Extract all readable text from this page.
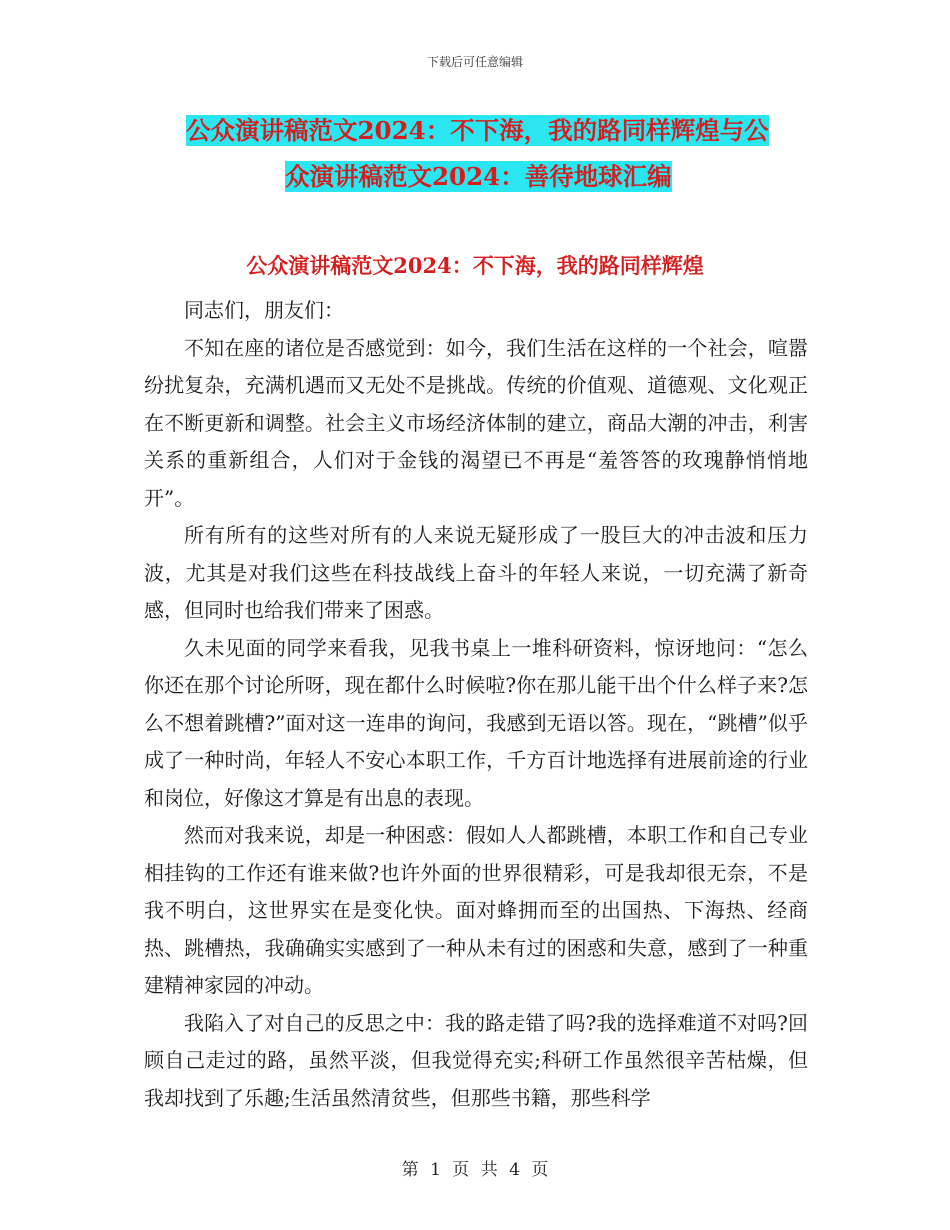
下载后可任意编辑
公众演讲稿范文2024：不下海，我的路同样辉煌与公
众演讲稿范文2024：善待地球汇编
公众演讲稿范文2024：不下海，我的路同样辉煌

同志们，朋友们：

不知在座的诸位是否感觉到：如今，我们生活在这样的一个社会，喧嚣纷扰复杂，充满机遇而又无处不是挑战。传统的价值观、道德观、文化观正在不断更新和调整。社会主义市场经济体制的建立，商品大潮的冲击，利害关系的重新组合，人们对于金钱的渴望已不再是“羞答答的玫瑰静悄悄地开”。

所有所有的这些对所有的人来说无疑形成了一股巨大的冲击波和压力波，尤其是对我们这些在科技战线上奋斗的年轻人来说，一切充满了新奇感，但同时也给我们带来了困惑。

久未见面的同学来看我，见我书桌上一堆科研资料，惊讶地问：“怎么你还在那个讨论所呀，现在都什么时候啦?你在那儿能干出个什么样子来?怎么不想着跳槽?”面对这一连串的询问，我感到无语以答。现在，“跳槽”似乎成了一种时尚，年轻人不安心本职工作，千方百计地选择有进展前途的行业和岗位，好像这才算是有出息的表现。

然而对我来说，却是一种困惑：假如人人都跳槽，本职工作和自己专业相挂钩的工作还有谁来做?也许外面的世界很精彩，可是我却很无奈，不是我不明白，这世界实在是变化快。面对蜂拥而至的出国热、下海热、经商热、跳槽热，我确确实实感到了一种从未有过的困惑和失意，感到了一种重建精神家园的冲动。

我陷入了对自己的反思之中：我的路走错了吗?我的选择难道不对吗?回顾自己走过的路，虽然平淡，但我觉得充实;科研工作虽然很辛苦枯燥，但我却找到了乐趣;生活虽然清贫些，但那些书籍，那些科学

第 1 页 共 4 页
